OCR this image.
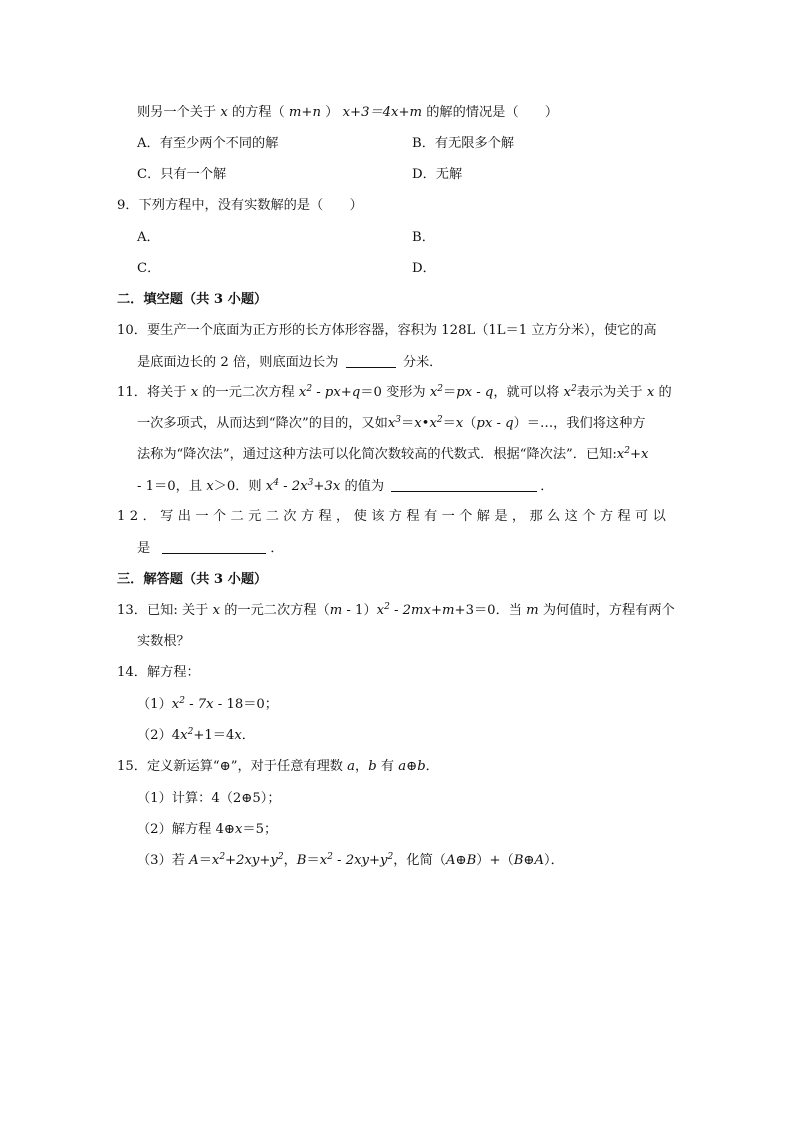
则另一个关于 x 的方程（ m+n ） x+3＝4x+m 的解的情况是（　　）
A．有至少两个不同的解	B．有无限多个解
C．只有一个解	D．无解
9．下列方程中，没有实数解的是（　　）
A．	B．
C．	D．
二．填空题（共 3 小题）
10．要生产一个底面为正方形的长方体形容器，容积为 128L（1L＝1 立方分米），使它的高
是底面边长的 2 倍，则底面边长为	分米．
11．将关于 x 的一元二次方程 $x^2 - px+q=0$ 变形为 $x^2=px - q$，就可以将 $x^2$表示为关于 x 的
一次多项式，从而达到“降次”的目的，又如$x^3=x•x^2=x(px$ - q）＝…，我们将这种方
法称为“降次法”，通过这种方法可以化简次数较高的代数式．根据“降次法”．已知$:x^2+x$
- 1＝0，且 x＞0．则 $x^4 - 2x^3+3x$ 的值为	．
12．写出一个二元二次方程，使该方程有一个解是，那么这个方程可以
是	．
三．解答题（共 3 小题）
13．已知: 关于 x 的一元二次方程$(m - 1)x^2 - 2mx+m+3=0$．当 m 为何值时，方程有两个
实数根？
14．解方程：
$(1)x^2 - 7x - 18=0$；
$(2)4x^2+1=4x$．
15．定义新运算“⊕”，对于任意有理数 a，b 有 a⊕b．
（1）计算：4（2⊕5）；
（2）解方程 4⊕x＝5；
（3）若 $A=x^2+2xy+y^2$，$B=x^2 - 2xy+y^2$，化简（A⊕B）+（B⊕A）．
